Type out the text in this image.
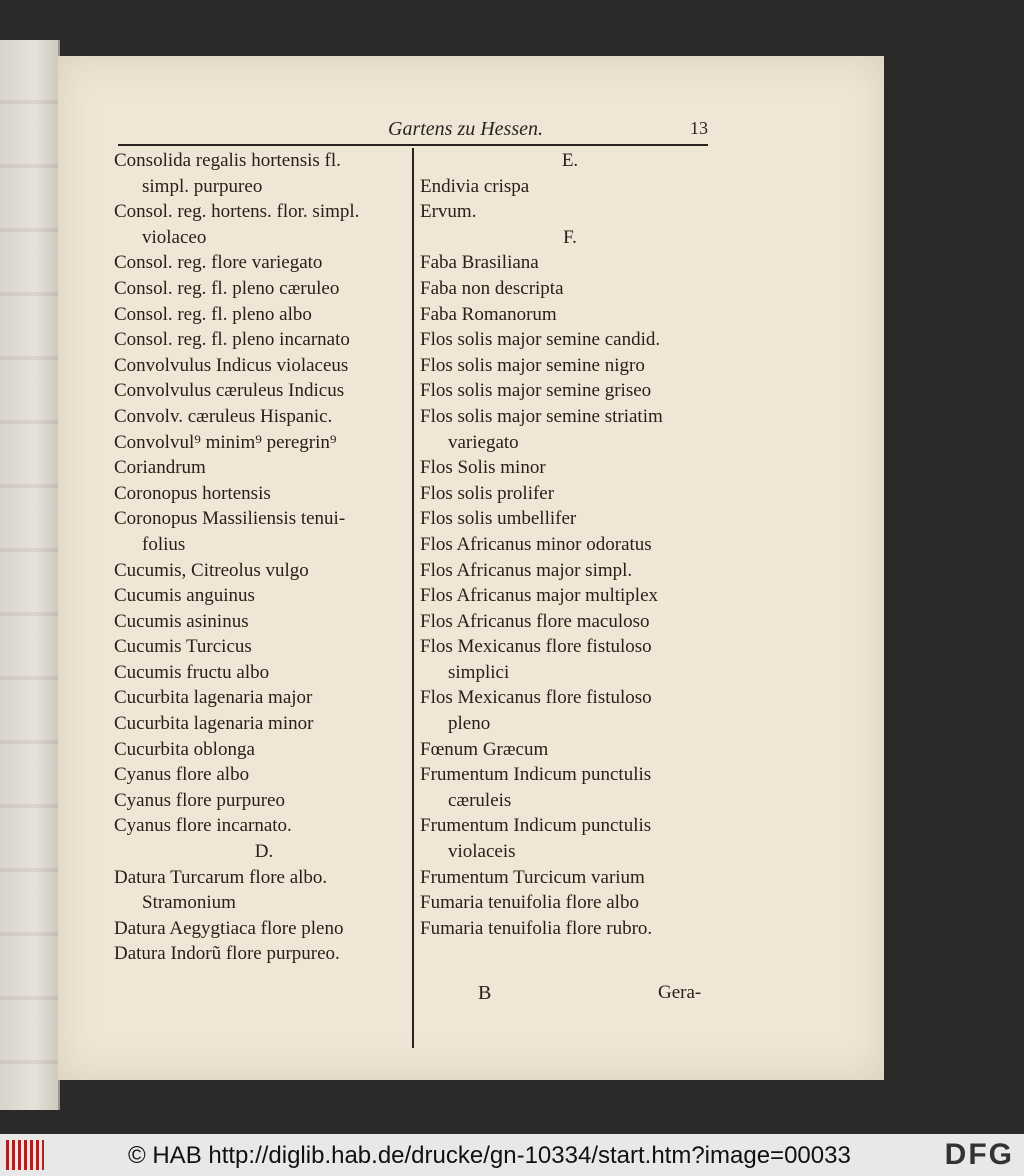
Gartens zu Hessen.	13
Consolida regalis hortensis fl.
simpl. purpureo
Consol. reg. hortens. flor. simpl.
violaceo
Consol. reg. flore variegato
Consol. reg. fl. pleno cæruleo
Consol. reg. fl. pleno albo
Consol. reg. fl. pleno incarnato
Convolvulus Indicus violaceus
Convolvulus cæruleus Indicus
Convolv. cæruleus Hispanic.
Convolvul⁹ minim⁹ peregrin⁹
Coriandrum
Coronopus hortensis
Coronopus Massiliensis tenui-
folius
Cucumis, Citreolus vulgo
Cucumis anguinus
Cucumis asininus
Cucumis Turcicus
Cucumis fructu albo
Cucurbita lagenaria major
Cucurbita lagenaria minor
Cucurbita oblonga
Cyanus flore albo
Cyanus flore purpureo
Cyanus flore incarnato.
D.
Datura Turcarum flore albo.
Stramonium
Datura Aegygtiaca flore pleno
Datura Indorũ flore purpureo.
E.
Endivia crispa
Ervum.
F.
Faba Brasiliana
Faba non descripta
Faba Romanorum
Flos solis major semine candid.
Flos solis major semine nigro
Flos solis major semine griseo
Flos solis major semine striatim
variegato
Flos Solis minor
Flos solis prolifer
Flos solis umbellifer
Flos Africanus minor odoratus
Flos Africanus major simpl.
Flos Africanus major multiplex
Flos Africanus flore maculoso
Flos Mexicanus flore fistuloso
simplici
Flos Mexicanus flore fistuloso
pleno
Fœnum Græcum
Frumentum Indicum punctulis
cæruleis
Frumentum Indicum punctulis
violaceis
Frumentum Turcicum varium
Fumaria tenuifolia flore albo
Fumaria tenuifolia flore rubro.
B	Gera-
© HAB http://diglib.hab.de/drucke/gn-10334/start.htm?image=00033	DFG
